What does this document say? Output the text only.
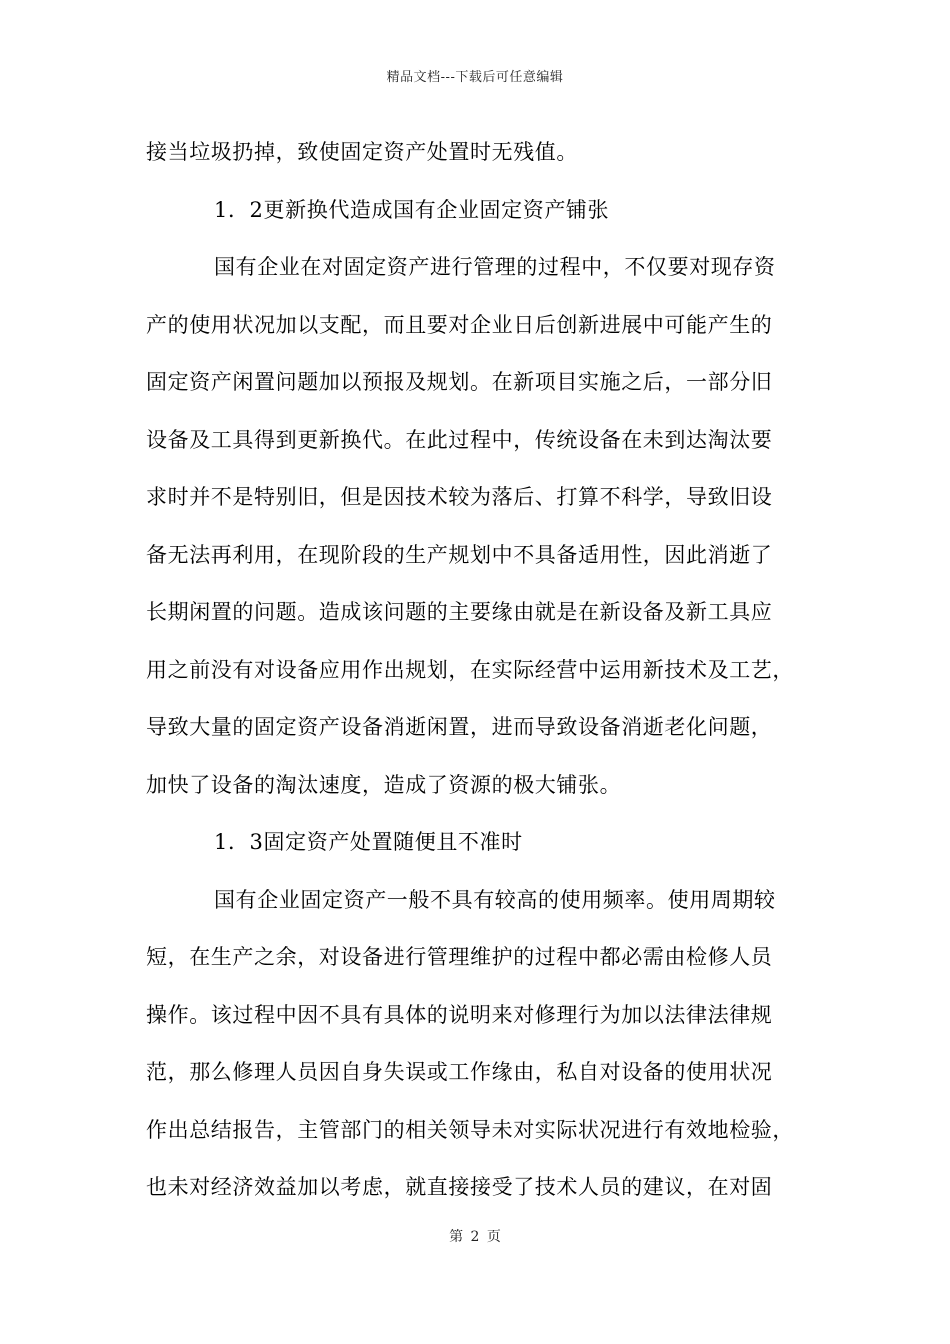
精品文档---下载后可任意编辑
接当垃圾扔掉，致使固定资产处置时无残值。
1．2更新换代造成国有企业固定资产铺张
国有企业在对固定资产进行管理的过程中，不仅要对现存资
产的使用状况加以支配，而且要对企业日后创新进展中可能产生的
固定资产闲置问题加以预报及规划。在新项目实施之后，一部分旧
设备及工具得到更新换代。在此过程中，传统设备在未到达淘汰要
求时并不是特别旧，但是因技术较为落后、打算不科学，导致旧设
备无法再利用，在现阶段的生产规划中不具备适用性，因此消逝了
长期闲置的问题。造成该问题的主要缘由就是在新设备及新工具应
用之前没有对设备应用作出规划，在实际经营中运用新技术及工艺，
导致大量的固定资产设备消逝闲置，进而导致设备消逝老化问题，
加快了设备的淘汰速度，造成了资源的极大铺张。
1．3固定资产处置随便且不准时
国有企业固定资产一般不具有较高的使用频率。使用周期较
短，在生产之余，对设备进行管理维护的过程中都必需由检修人员
操作。该过程中因不具有具体的说明来对修理行为加以法律法律规
范，那么修理人员因自身失误或工作缘由，私自对设备的使用状况
作出总结报告，主管部门的相关领导未对实际状况进行有效地检验，
也未对经济效益加以考虑，就直接接受了技术人员的建议，在对固
第 2 页
